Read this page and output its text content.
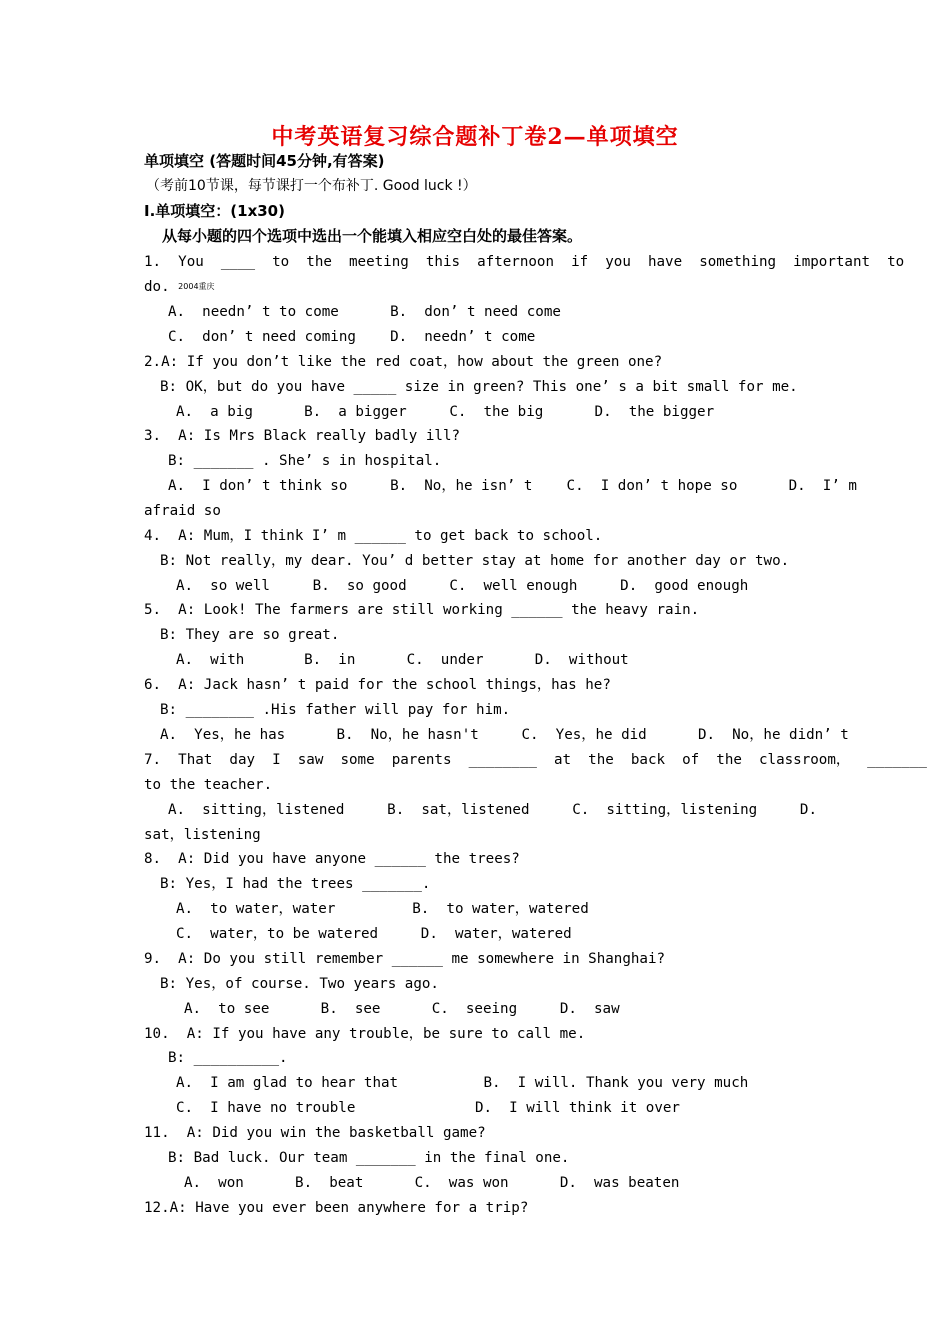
中考英语复习综合题补丁卷2—单项填空
单项填空 (答题时间45分钟,有答案)
（考前10节课，每节课打一个布补丁. Good luck !）
I.单项填空：(1x30)
从每小题的四个选项中选出一个能填入相应空白处的最佳答案。
1.  You  ____  to  the  meeting  this  afternoon  if  you  have  something  important  to
do. 2004重庆
A.  needn’ t to come      B.  don’ t need come
C.  don’ t need coming    D.  needn’ t come
2.A: If you don’t like the red coat，how about the green one?
B: OK，but do you have _____ size in green? This one’ s a bit small for me.
A.  a big      B.  a bigger     C.  the big      D.  the bigger
3.  A: Is Mrs Black really badly ill?
B: _______ . She’ s in hospital.
A.  I don’ t think so     B.  No，he isn’ t    C.  I don’ t hope so      D.  I’ m
afraid so
4.  A: Mum，I think I’ m ______ to get back to school.
B: Not really，my dear. You’ d better stay at home for another day or two.
A.  so well     B.  so good     C.  well enough     D.  good enough
5.  A: Look! The farmers are still working ______ the heavy rain.
B: They are so great.
A.  with       B.  in      C.  under      D.  without
6.  A: Jack hasn’ t paid for the school things，has he?
B: ________ .His father will pay for him.
A.  Yes，he has      B.  No，he hasn't     C.  Yes，he did      D.  No，he didn’ t
7.  That  day  I  saw  some  parents  ________  at  the  back  of  the  classroom，  _______
to the teacher.
A.  sitting，listened     B.  sat，listened     C.  sitting，listening     D.
sat，listening
8.  A: Did you have anyone ______ the trees?
B: Yes，I had the trees _______.
A.  to water，water         B.  to water，watered
C.  water，to be watered     D.  water，watered
9.  A: Do you still remember ______ me somewhere in Shanghai?
B: Yes，of course. Two years ago.
A.  to see      B.  see      C.  seeing     D.  saw
10.  A: If you have any trouble，be sure to call me.
B: __________.
A.  I am glad to hear that          B.  I will. Thank you very much
C.  I have no trouble              D.  I will think it over
11.  A: Did you win the basketball game?
B: Bad luck. Our team _______ in the final one.
A.  won      B.  beat      C.  was won      D.  was beaten
12.A: Have you ever been anywhere for a trip?
